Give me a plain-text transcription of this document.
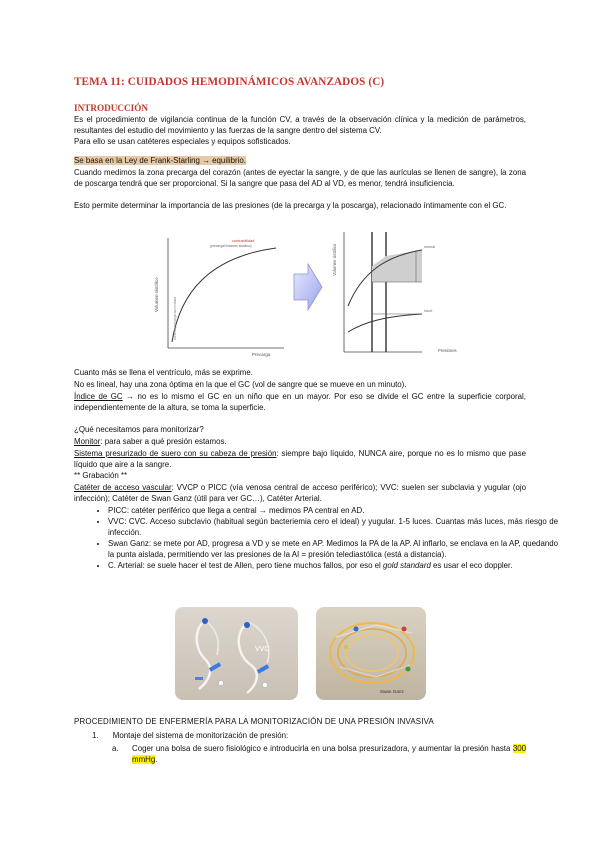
TEMA 11: CUIDADOS HEMODINÁMICOS AVANZADOS (C)
INTRODUCCIÓN

Es el procedimiento de vigilancia continua de la función CV, a través de la observación clínica y la medición de parámetros, resultantes del estudio del movimiento y las fuerzas de la sangre dentro del sistema CV.

Para ello se usan catéteres especiales y equipos sofisticados.

Se basa en la Ley de Frank-Starling → equilibrio.

Cuando medimos la zona precarga del corazón (antes de eyectar la sangre, y de que las aurículas se llenen de sangre), la zona de poscarga tendrá que ser proporcional. Si la sangre que pasa del AD al VD, es menor, tendrá insuficiencia.

Esto permite determinar la importancia de las presiones (de la precarga y la poscarga), relacionado íntimamente con el GC.

Volumen sistólico
Precarga
contractilidad
(precarga/Volumen sistólico)
zona de precarga aumentada
Volumen sistólico
Presiones
normal
insuf.

Cuanto más se llena el ventrículo, más se exprime.

No es lineal, hay una zona óptima en la que el GC (vol de sangre que se mueve en un minuto).

Índice de GC → no es lo mismo el GC en un niño que en un mayor. Por eso se divide el GC entre la superficie corporal, independientemente de la altura, se toma la superficie.

¿Qué necesitamos para monitorizar?

Monitor: para saber a qué presión estamos.

Sistema presurizado de suero con su cabeza de presión: siempre bajo líquido, NUNCA aire, porque no es lo mismo que pase líquido que aire a la sangre.

** Grabación **

Catéter de acceso vascular: VVCP o PICC (vía venosa central de acceso periférico); VVC: suelen ser subclavia y yugular (ojo infección); Catéter de Swan Ganz (útil para ver GC…), Catéter Arterial.

• PICC: catéter periférico que llega a central → medimos PA central en AD.
• VVC: CVC. Acceso subclavio (habitual según bacteriemia cero el ideal) y yugular. 1-5 luces. Cuantas más luces, más riesgo de infección.
• Swan Ganz: se mete por AD, progresa a VD y se mete en AP. Medimos la PA de la AP. Al inflarlo, se enclava en la AP, quedando la punta aislada, permitiendo ver las presiones de la AI = presión telediastólica (está a distancia).
• C. Arterial: se suele hacer el test de Allen, pero tiene muchos fallos, por eso el gold standard es usar el eco doppler.
VVC
Swan Ganz
PROCEDIMIENTO DE ENFERMERÍA PARA LA MONITORIZACIÓN DE UNA PRESIÓN INVASIVA
1. Montaje del sistema de monitorización de presión:
a. Coger una bolsa de suero fisiológico e introducirla en una bolsa presurizadora, y aumentar la presión hasta 300 mmHg.
